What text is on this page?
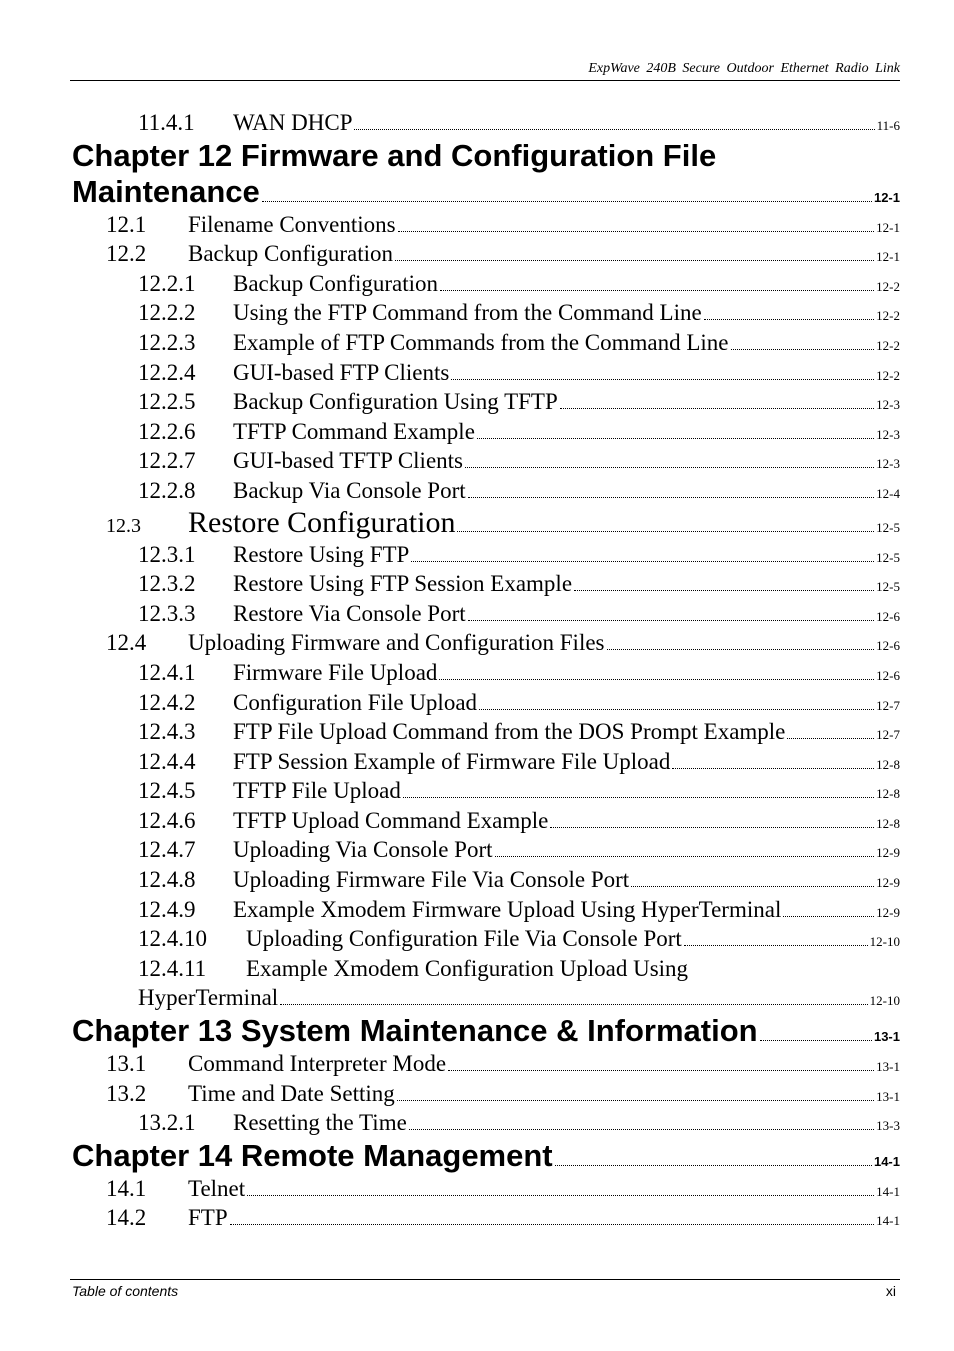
ExpWave 240B Secure Outdoor Ethernet Radio Link
11.4.1	WAN DHCP	11-6
Chapter 12 Firmware and Configuration File
Maintenance	12-1
12.1	Filename Conventions	12-1
12.2	Backup Configuration	12-1
12.2.1	Backup Configuration	12-2
12.2.2	Using the FTP Command from the Command Line	12-2
12.2.3	Example of FTP Commands from the Command Line	12-2
12.2.4	GUI-based FTP Clients	12-2
12.2.5	Backup Configuration Using TFTP	12-3
12.2.6	TFTP Command Example	12-3
12.2.7	GUI-based TFTP Clients	12-3
12.2.8	Backup Via Console Port	12-4
12.3	Restore Configuration	12-5
12.3.1	Restore Using FTP	12-5
12.3.2	Restore Using FTP Session Example	12-5
12.3.3	Restore Via Console Port	12-6
12.4	Uploading Firmware and Configuration Files	12-6
12.4.1	Firmware File Upload	12-6
12.4.2	Configuration File Upload	12-7
12.4.3	FTP File Upload Command from the DOS Prompt Example	12-7
12.4.4	FTP Session Example of Firmware File Upload	12-8
12.4.5	TFTP File Upload	12-8
12.4.6	TFTP Upload Command Example	12-8
12.4.7	Uploading Via Console Port	12-9
12.4.8	Uploading Firmware File Via Console Port	12-9
12.4.9	Example Xmodem Firmware Upload Using HyperTerminal	12-9
12.4.10	Uploading Configuration File Via Console Port	12-10
12.4.11 Example Xmodem Configuration Upload Using
HyperTerminal	12-10
Chapter 13 System Maintenance & Information	13-1
13.1	Command Interpreter Mode	13-1
13.2	Time and Date Setting	13-1
13.2.1	Resetting the Time	13-3
Chapter 14 Remote Management	14-1
14.1	Telnet	14-1
14.2	FTP	14-1
Table of contents	xi
